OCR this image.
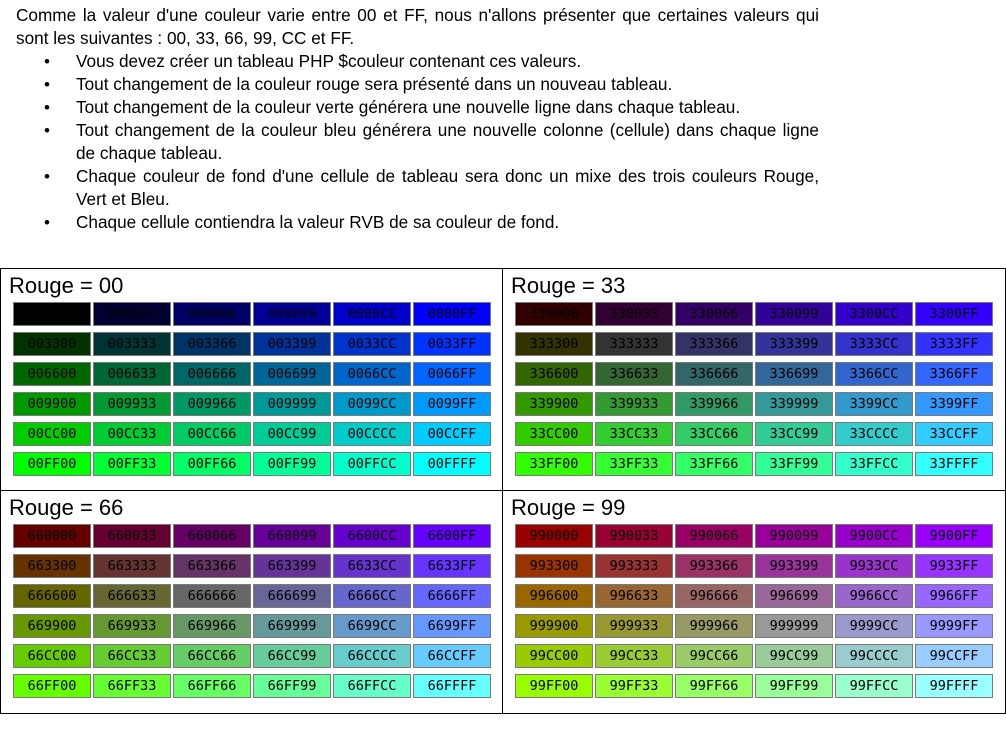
Comme la valeur d'une couleur varie entre 00 et FF, nous n'allons présenter que certaines valeurs qui sont les suivantes : 00, 33, 66, 99, CC et FF.

• Vous devez créer un tableau PHP $couleur contenant ces valeurs.
• Tout changement de la couleur rouge sera présenté dans un nouveau tableau.
• Tout changement de la couleur verte générera une nouvelle ligne dans chaque tableau.
• Tout changement de la couleur bleu générera une nouvelle colonne (cellule) dans chaque ligne de chaque tableau.
• Chaque couleur de fond d'une cellule de tableau sera donc un mixe des trois couleurs Rouge, Vert et Bleu.
• Chaque cellule contiendra la valeur RVB de sa couleur de fond.
Rouge = 00
000000	000033	000066	000099	0000CC	0000FF
003300	003333	003366	003399	0033CC	0033FF
006600	006633	006666	006699	0066CC	0066FF
009900	009933	009966	009999	0099CC	0099FF
00CC00	00CC33	00CC66	00CC99	00CCCC	00CCFF
00FF00	00FF33	00FF66	00FF99	00FFCC	00FFFF
Rouge = 33
330000	330033	330066	330099	3300CC	3300FF
333300	333333	333366	333399	3333CC	3333FF
336600	336633	336666	336699	3366CC	3366FF
339900	339933	339966	339999	3399CC	3399FF
33CC00	33CC33	33CC66	33CC99	33CCCC	33CCFF
33FF00	33FF33	33FF66	33FF99	33FFCC	33FFFF
Rouge = 66
660000	660033	660066	660099	6600CC	6600FF
663300	663333	663366	663399	6633CC	6633FF
666600	666633	666666	666699	6666CC	6666FF
669900	669933	669966	669999	6699CC	6699FF
66CC00	66CC33	66CC66	66CC99	66CCCC	66CCFF
66FF00	66FF33	66FF66	66FF99	66FFCC	66FFFF
Rouge = 99
990000	990033	990066	990099	9900CC	9900FF
993300	993333	993366	993399	9933CC	9933FF
996600	996633	996666	996699	9966CC	9966FF
999900	999933	999966	999999	9999CC	9999FF
99CC00	99CC33	99CC66	99CC99	99CCCC	99CCFF
99FF00	99FF33	99FF66	99FF99	99FFCC	99FFFF
